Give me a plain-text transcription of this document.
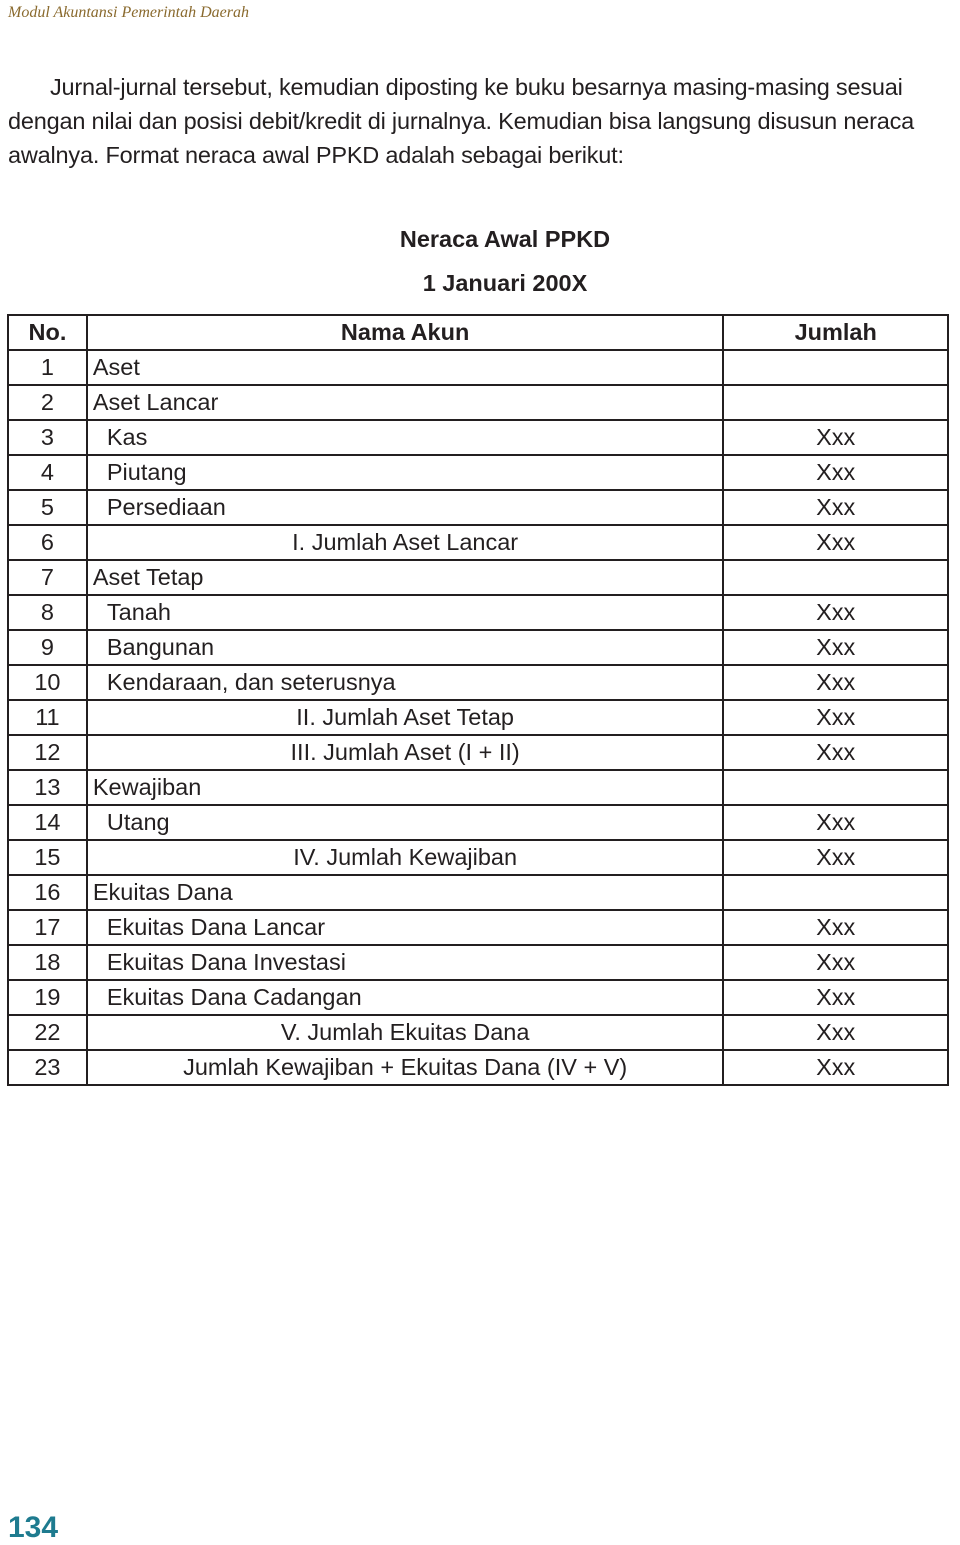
Modul Akuntansi Pemerintah Daerah

Jurnal-jurnal tersebut, kemudian diposting ke buku besarnya masing-masing sesuai dengan nilai dan posisi debit/kredit di jurnalnya. Kemudian bisa langsung disusun neraca awalnya. Format neraca awal PPKD adalah sebagai berikut:

Neraca Awal PPKD
1 Januari 200X
No.	Nama Akun	Jumlah
1	Aset	
2	Aset Lancar	
3	Kas	Xxx
4	Piutang	Xxx
5	Persediaan	Xxx
6	I. Jumlah Aset Lancar	Xxx
7	Aset Tetap	
8	Tanah	Xxx
9	Bangunan	Xxx
10	Kendaraan, dan seterusnya	Xxx
11	II. Jumlah Aset Tetap	Xxx
12	III. Jumlah Aset (I + II)	Xxx
13	Kewajiban	
14	Utang	Xxx
15	IV. Jumlah Kewajiban	Xxx
16	Ekuitas Dana	
17	Ekuitas Dana Lancar	Xxx
18	Ekuitas Dana Investasi	Xxx
19	Ekuitas Dana Cadangan	Xxx
22	V. Jumlah Ekuitas Dana	Xxx
23	Jumlah Kewajiban + Ekuitas Dana (IV + V)	Xxx
134
